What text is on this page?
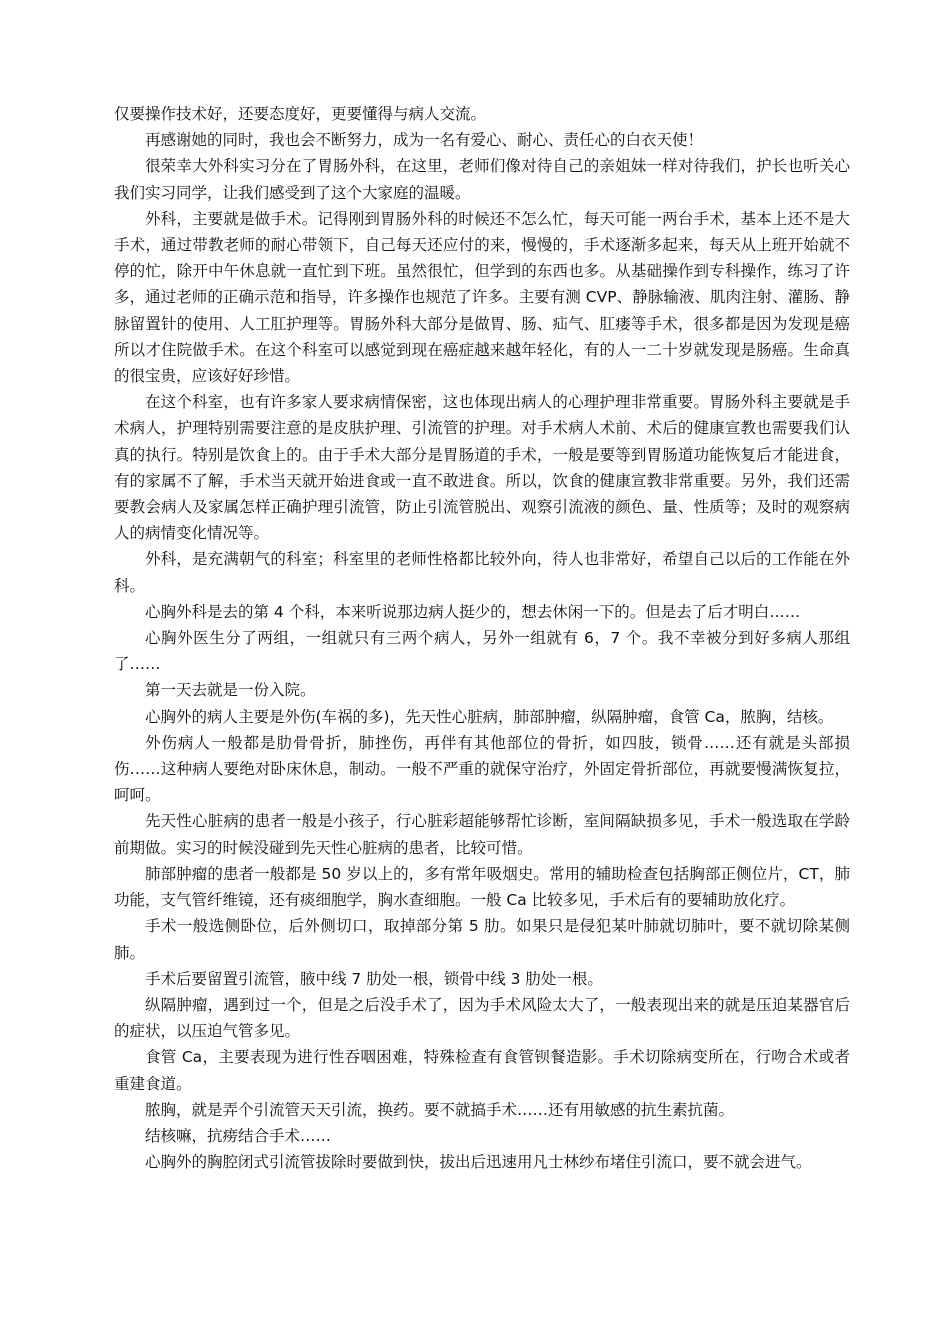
仅要操作技术好，还要态度好，更要懂得与病人交流。

再感谢她的同时，我也会不断努力，成为一名有爱心、耐心、责任心的白衣天使！

很荣幸大外科实习分在了胃肠外科，在这里，老师们像对待自己的亲姐妹一样对待我们，护长也听关心我们实习同学，让我们感受到了这个大家庭的温暖。

外科，主要就是做手术。记得刚到胃肠外科的时候还不怎么忙，每天可能一两台手术，基本上还不是大手术，通过带教老师的耐心带领下，自己每天还应付的来，慢慢的，手术逐渐多起来，每天从上班开始就不停的忙，除开中午休息就一直忙到下班。虽然很忙，但学到的东西也多。从基础操作到专科操作，练习了许多，通过老师的正确示范和指导，许多操作也规范了许多。主要有测 CVP、静脉输液、肌肉注射、灌肠、静脉留置针的使用、人工肛护理等。胃肠外科大部分是做胃、肠、疝气、肛瘘等手术，很多都是因为发现是癌所以才住院做手术。在这个科室可以感觉到现在癌症越来越年轻化，有的人一二十岁就发现是肠癌。生命真的很宝贵，应该好好珍惜。

在这个科室，也有许多家人要求病情保密，这也体现出病人的心理护理非常重要。胃肠外科主要就是手术病人，护理特别需要注意的是皮肤护理、引流管的护理。对手术病人术前、术后的健康宣教也需要我们认真的执行。特别是饮食上的。由于手术大部分是胃肠道的手术，一般是要等到胃肠道功能恢复后才能进食，有的家属不了解，手术当天就开始进食或一直不敢进食。所以，饮食的健康宣教非常重要。另外，我们还需要教会病人及家属怎样正确护理引流管，防止引流管脱出、观察引流液的颜色、量、性质等；及时的观察病人的病情变化情况等。

外科，是充满朝气的科室；科室里的老师性格都比较外向，待人也非常好，希望自己以后的工作能在外科。

心胸外科是去的第 4 个科，本来听说那边病人挺少的，想去休闲一下的。但是去了后才明白……

心胸外医生分了两组，一组就只有三两个病人，另外一组就有 6，7 个。我不幸被分到好多病人那组了……

第一天去就是一份入院。

心胸外的病人主要是外伤(车祸的多)，先天性心脏病，肺部肿瘤，纵隔肿瘤，食管 Ca，脓胸，结核。

外伤病人一般都是肋骨骨折，肺挫伤，再伴有其他部位的骨折，如四肢，锁骨……还有就是头部损伤……这种病人要绝对卧床休息，制动。一般不严重的就保守治疗，外固定骨折部位，再就要慢满恢复拉，呵呵。

先天性心脏病的患者一般是小孩子，行心脏彩超能够帮忙诊断，室间隔缺损多见，手术一般选取在学龄前期做。实习的时候没碰到先天性心脏病的患者，比较可惜。

肺部肿瘤的患者一般都是 50 岁以上的，多有常年吸烟史。常用的辅助检查包括胸部正侧位片，CT，肺功能，支气管纤维镜，还有痰细胞学，胸水查细胞。一般 Ca 比较多见，手术后有的要辅助放化疗。

手术一般选侧卧位，后外侧切口，取掉部分第 5 肋。如果只是侵犯某叶肺就切肺叶，要不就切除某侧肺。

手术后要留置引流管，腋中线 7 肋处一根，锁骨中线 3 肋处一根。

纵隔肿瘤，遇到过一个，但是之后没手术了，因为手术风险太大了，一般表现出来的就是压迫某器官后的症状，以压迫气管多见。

食管 Ca，主要表现为进行性吞咽困难，特殊检查有食管钡餐造影。手术切除病变所在，行吻合术或者重建食道。

脓胸，就是弄个引流管天天引流，换药。要不就搞手术……还有用敏感的抗生素抗菌。

结核嘛，抗痨结合手术……

心胸外的胸腔闭式引流管拔除时要做到快，拔出后迅速用凡士林纱布堵住引流口，要不就会进气。
